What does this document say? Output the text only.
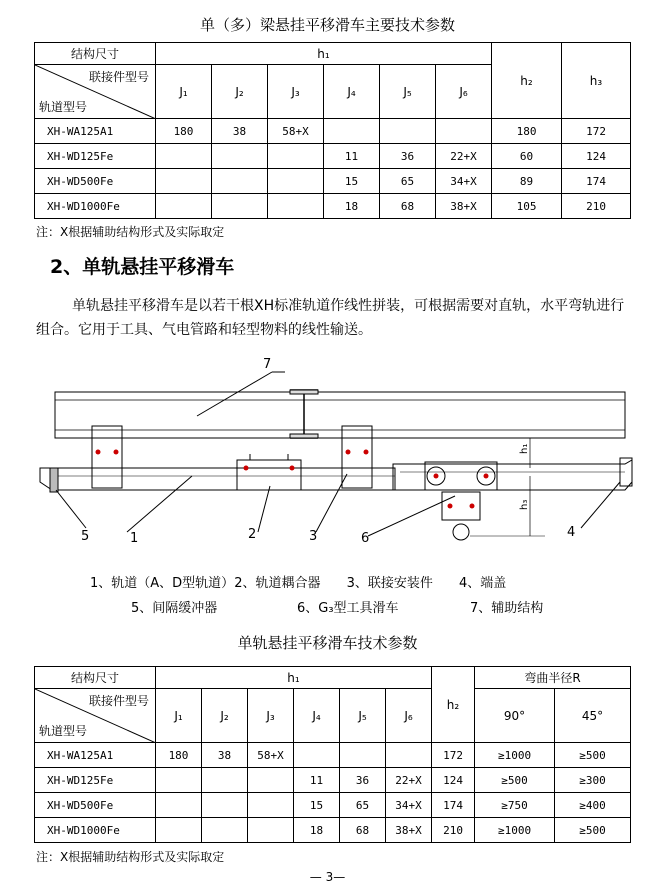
单（多）梁悬挂平移滑车主要技术参数
结构尺寸	h₁						h₂	h₃

联接件型号
轨道型号	J₁	J₂	J₃	J₄	J₅	J₆		
XH-WA125A1	180	38	58+X				180	172
XH-WD125Fe				11	36	22+X	60	124
XH-WD500Fe				15	65	34+X	89	174
XH-WD1000Fe				18	68	38+X	105	210
注：X根据辅助结构形式及实际取定
2、单轨悬挂平移滑车
单轨悬挂平移滑车是以若干根XH标准轨道作线性拼装，可根据需要对直轨，水平弯轨进行组合。它用于工具、气电管路和轻型物料的线性输送。
h₁
h₃
7
5	1	2	3	6	4
1、轨道（A、D型轨道）2、轨道耦合器 3、联接安装件 4、端盖
5、间隔缓冲器	6、G₃型工具滑车	7、辅助结构
单轨悬挂平移滑车技术参数
结构尺寸	h₁						h₂	弯曲半径R	

联接件型号
轨道型号	J₁	J₂	J₃	J₄	J₅	J₆		90°	45°
XH-WA125A1	180	38	58+X				172	≥1000	≥500
XH-WD125Fe				11	36	22+X	124	≥500	≥300
XH-WD500Fe				15	65	34+X	174	≥750	≥400
XH-WD1000Fe				18	68	38+X	210	≥1000	≥500
注：X根据辅助结构形式及实际取定
— 3—
